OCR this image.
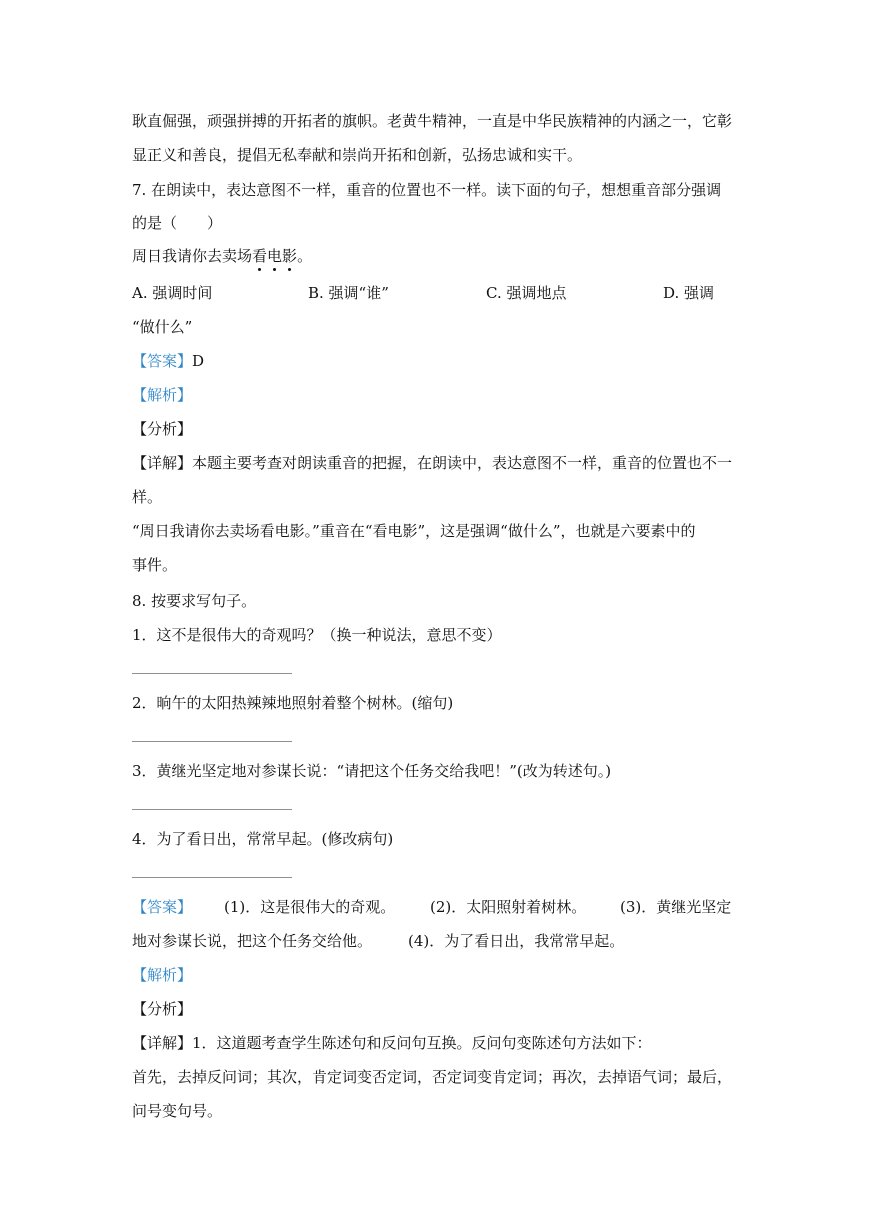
耿直倔强，顽强拼搏的开拓者的旗帜。老黄牛精神，一直是中华民族精神的内涵之一，它彰
显正义和善良，提倡无私奉献和崇尚开拓和创新，弘扬忠诚和实干。
7. 在朗读中，表达意图不一样，重音的位置也不一样。读下面的句子，想想重音部分强调
的是（　　）
周日我请你去卖场看电影。
A. 强调时间	B. 强调“谁”	C. 强调地点	D. 强调
“做什么”
【答案】D
【解析】
【分析】
【详解】本题主要考查对朗读重音的把握，在朗读中，表达意图不一样，重音的位置也不一
样。
“周日我请你去卖场看电影。”重音在“看电影”，这是强调“做什么”，也就是六要素中的
事件。
8. 按要求写句子。
1．这不是很伟大的奇观吗？（换一种说法，意思不变）
2．晌午的太阳热辣辣地照射着整个树林。(缩句)
3．黄继光坚定地对参谋长说：“请把这个任务交给我吧！”(改为转述句。)
4．为了看日出，常常早起。(修改病句)
【答案】 (1)．这是很伟大的奇观。 (2)．太阳照射着树林。 (3)．黄继光坚定
地对参谋长说，把这个任务交给他。 (4)．为了看日出，我常常早起。
【解析】
【分析】
【详解】1．这道题考查学生陈述句和反问句互换。反问句变陈述句方法如下：
首先，去掉反问词；其次，肯定词变否定词，否定词变肯定词；再次，去掉语气词；最后，
问号变句号。
